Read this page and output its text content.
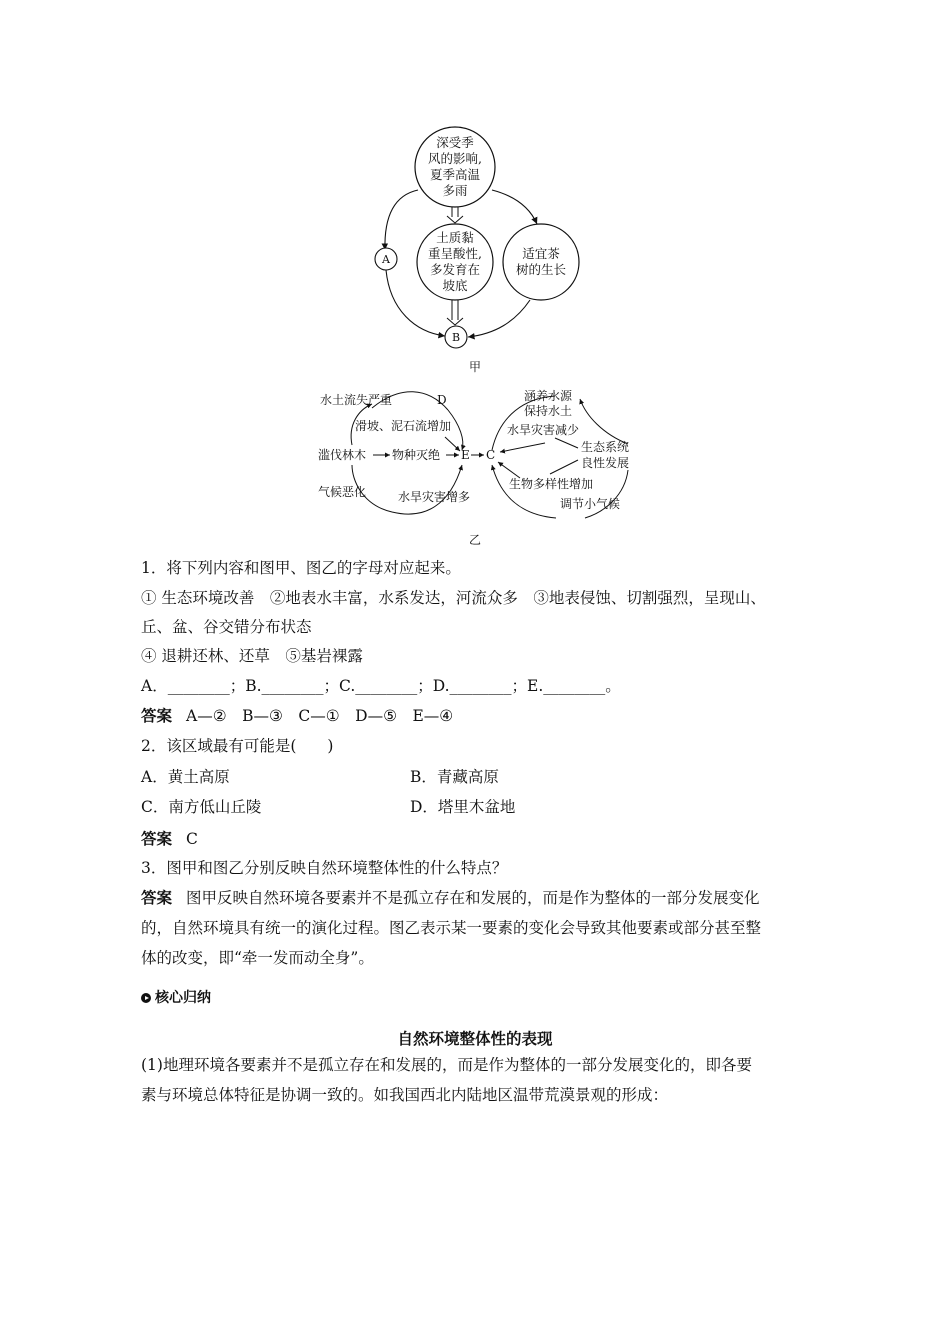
深受季
风的影响,
夏季高温
多雨
土质黏
重呈酸性,
多发育在
坡底
适宜茶
树的生长
A
B
甲
水土流失严重	D
滑坡、泥石流增加
滥伐林木 物种灭绝 E
气候恶化	水旱灾害增多
C
涵养水源
保持水土
水旱灾害减少
生态系统
良性发展
生物多样性增加
调节小气候
乙
1．将下列内容和图甲、图乙的字母对应起来。
① 生态环境改善　②地表水丰富，水系发达，河流众多　③地表侵蚀、切割强烈，呈现山、
丘、盆、谷交错分布状态
④ 退耕还林、还草　⑤基岩裸露
A．________；B.________；C.________；D.________；E.________。
答案 A—②　B—③　C—①　D—⑤　E—④
2．该区域最有可能是(　　)
A．黄土高原	B．青藏高原
C．南方低山丘陵	D．塔里木盆地
答案 C
3．图甲和图乙分别反映自然环境整体性的什么特点？
答案 图甲反映自然环境各要素并不是孤立存在和发展的，而是作为整体的一部分发展变化
的，自然环境具有统一的演化过程。图乙表示某一要素的变化会导致其他要素或部分甚至整
体的改变，即“牵一发而动全身”。
核心归纳
自然环境整体性的表现
(1)地理环境各要素并不是孤立存在和发展的，而是作为整体的一部分发展变化的，即各要
素与环境总体特征是协调一致的。如我国西北内陆地区温带荒漠景观的形成：
